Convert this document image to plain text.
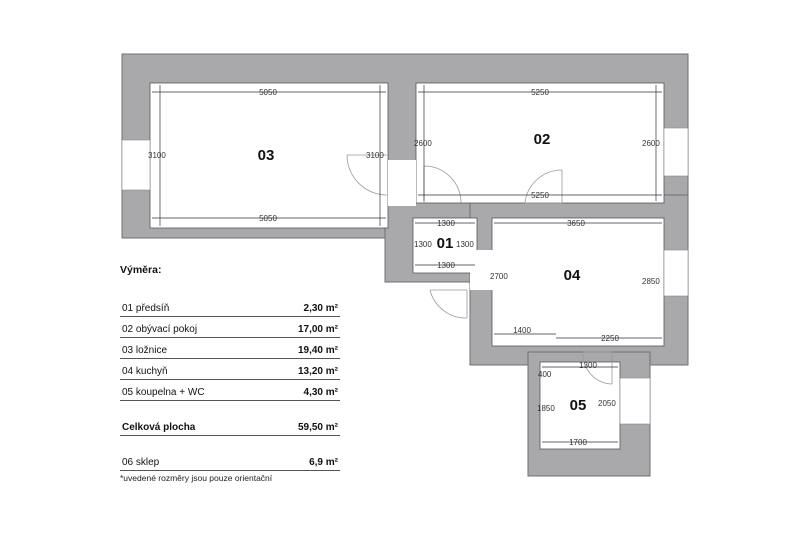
03
02
01
04
05
5050
5050
3100	3100
5250
5250
2600	2600
1300
1300
1300	1300
3650
2700
2850
1400
2250
1300
400
1850
2050
1700
Výměra:
01 předsíň	2,30 m²
02 obývací pokoj	17,00 m²
03 ložnice	19,40 m²
04 kuchyň	13,20 m²
05 koupelna + WC	4,30 m²
Celková plocha	59,50 m²
06 sklep	6,9 m²
*uvedené rozměry jsou pouze orientační
